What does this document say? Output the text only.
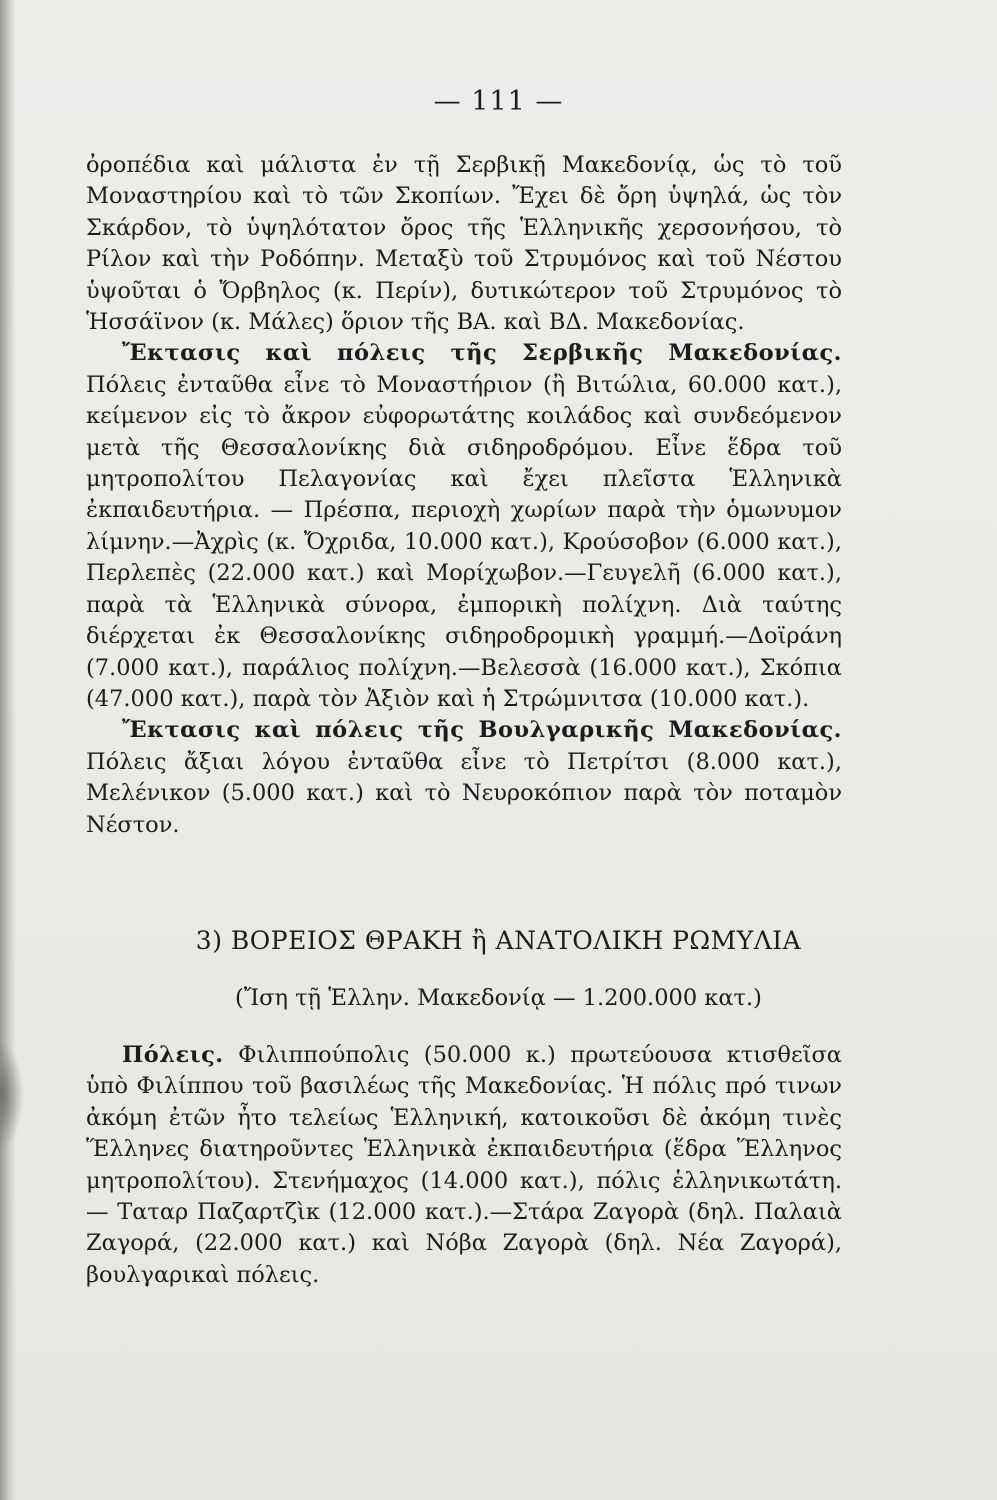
— 111 —

ὀροπέδια καὶ μάλιστα ἐν τῇ Σερβικῇ Μακεδονίᾳ, ὡς τὸ τοῦ Μοναστηρίου καὶ τὸ τῶν Σκοπίων. Ἔχει δὲ ὄρη ὑψηλά, ὡς τὸν Σκάρδον, τὸ ὑψηλότατον ὄρος τῆς Ἑλληνικῆς χερσονήσου, τὸ Ρίλον καὶ τὴν Ροδόπην. Μεταξὺ τοῦ Στρυμόνος καὶ τοῦ Νέστου ὑψοῦται ὁ Ὄρβηλος (κ. Περίν), δυτικώτερον τοῦ Στρυμόνος τὸ Ἡσσάϊνον (κ. Μάλες) ὅριον τῆς ΒΑ. καὶ ΒΔ. Μακεδονίας.

Ἔκτασις καὶ πόλεις τῆς Σερβικῆς Μακεδονίας. Πόλεις ἐνταῦθα εἶνε τὸ Μοναστήριον (ἢ Βιτώλια, 60.000 κατ.), κείμενον εἰς τὸ ἄκρον εὐφορωτάτης κοιλάδος καὶ συνδεόμενον μετὰ τῆς Θεσσαλονίκης διὰ σιδηροδρόμου. Εἶνε ἕδρα τοῦ μητροπολίτου Πελαγονίας καὶ ἔχει πλεῖστα Ἑλληνικὰ ἐκπαιδευτήρια. — Πρέσπα, περιοχὴ χωρίων παρὰ τὴν ὁμωνυμον λίμνην.—Ἀχρὶς (κ. Ὄχριδα, 10.000 κατ.), Κρούσοβον (6.000 κατ.), Περλεπὲς (22.000 κατ.) καὶ Μορίχωβον.—Γευγελῆ (6.000 κατ.), παρὰ τὰ Ἑλληνικὰ σύνορα, ἐμπορικὴ πολίχνη. Διὰ ταύτης διέρχεται ἐκ Θεσσαλονίκης σιδηροδρομικὴ γραμμή.—Δοϊράνη (7.000 κατ.), παράλιος πολίχνη.—Βελεσσὰ (16.000 κατ.), Σκόπια (47.000 κατ.), παρὰ τὸν Ἀξιὸν καὶ ἡ Στρώμνιτσα (10.000 κατ.).

Ἔκτασις καὶ πόλεις τῆς Βουλγαρικῆς Μακεδονίας. Πόλεις ἄξιαι λόγου ἐνταῦθα εἶνε τὸ Πετρίτσι (8.000 κατ.), Μελένικον (5.000 κατ.) καὶ τὸ Νευροκόπιον παρὰ τὸν ποταμὸν Νέστον.

3) ΒΟΡΕΙΟΣ ΘΡΑΚΗ ἢ ΑΝΑΤΟΛΙΚΗ ΡΩΜΥΛΙΑ
(Ἴση τῇ Ἑλλην. Μακεδονίᾳ — 1.200.000 κατ.)

Πόλεις. Φιλιππούπολις (50.000 κ.) πρωτεύουσα κτισθεῖσα ὑπὸ Φιλίππου τοῦ βασιλέως τῆς Μακεδονίας. Ἡ πόλις πρό τινων ἀκόμη ἐτῶν ἦτο τελείως Ἑλληνική, κατοικοῦσι δὲ ἀκόμη τινὲς Ἕλληνες διατηροῦντες Ἑλληνικὰ ἐκπαιδευτήρια (ἕδρα Ἕλληνος μητροπολίτου). Στενήμαχος (14.000 κατ.), πόλις ἑλληνικωτάτη. — Ταταρ Παζαρτζὶκ (12.000 κατ.).—Στάρα Ζαγορὰ (δηλ. Παλαιὰ Ζαγορά, (22.000 κατ.) καὶ Νόβα Ζαγορὰ (δηλ. Νέα Ζαγορά), βουλγαρικαὶ πόλεις.
